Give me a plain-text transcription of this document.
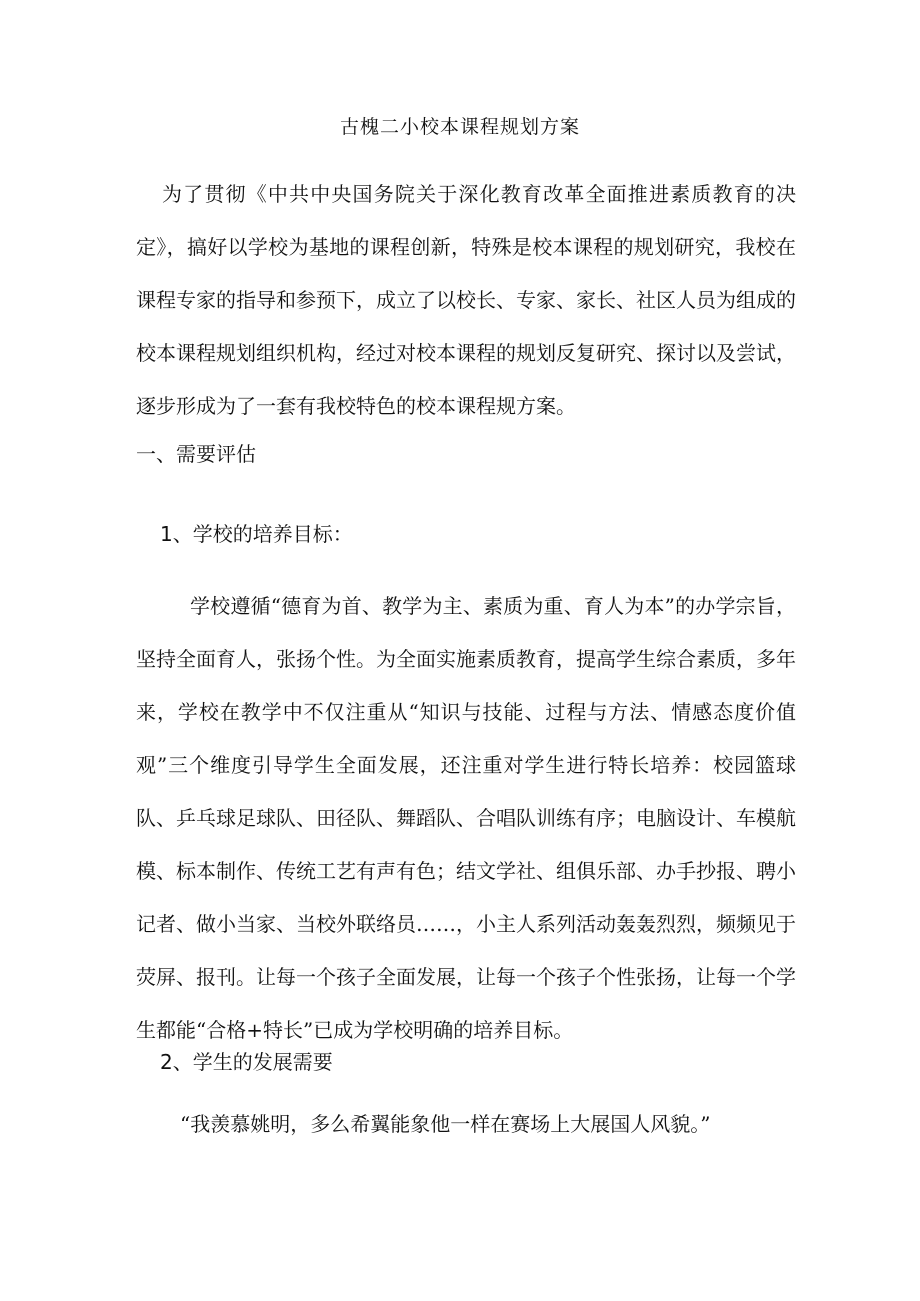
古槐二小校本课程规划方案
为了贯彻《中共中央国务院关于深化教育改革全面推进素质教育的决定》，搞好以学校为基地的课程创新，特殊是校本课程的规划研究，我校在课程专家的指导和参预下，成立了以校长、专家、家长、社区人员为组成的校本课程规划组织机构，经过对校本课程的规划反复研究、探讨以及尝试，逐步形成为了一套有我校特色的校本课程规方案。
一、需要评估
1、学校的培养目标：
学校遵循“德育为首、教学为主、素质为重、育人为本”的办学宗旨，坚持全面育人，张扬个性。为全面实施素质教育，提高学生综合素质，多年来，学校在教学中不仅注重从“知识与技能、过程与方法、情感态度价值观”三个维度引导学生全面发展，还注重对学生进行特长培养：校园篮球队、乒乓球足球队、田径队、舞蹈队、合唱队训练有序；电脑设计、车模航模、标本制作、传统工艺有声有色；结文学社、组俱乐部、办手抄报、聘小记者、做小当家、当校外联络员……，小主人系列活动轰轰烈烈，频频见于荧屏、报刊。让每一个孩子全面发展，让每一个孩子个性张扬，让每一个学生都能“合格+特长”已成为学校明确的培养目标。
2、学生的发展需要
“我羡慕姚明，多么希翼能象他一样在赛场上大展国人风貌。”
